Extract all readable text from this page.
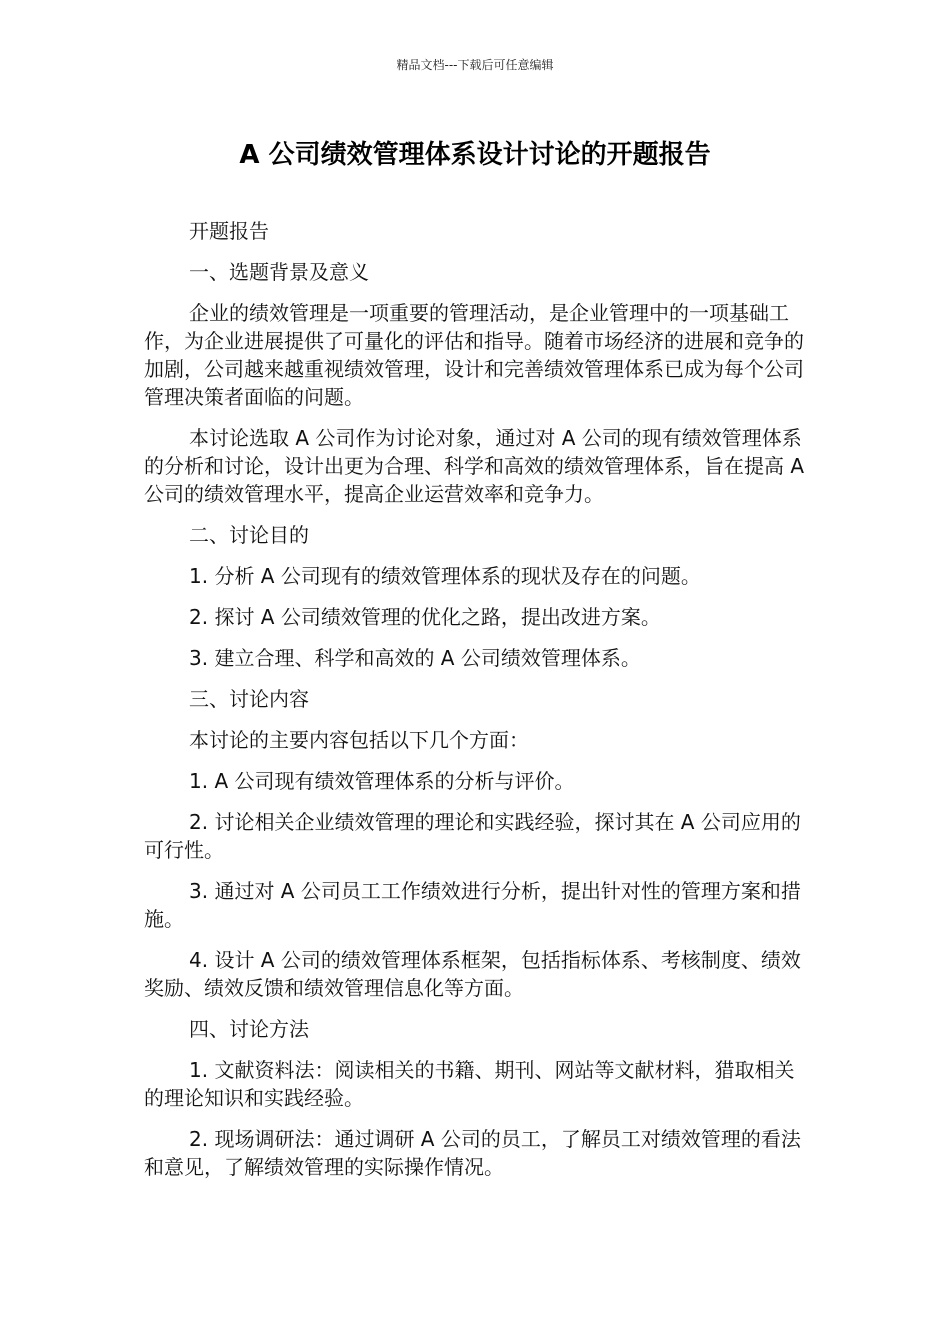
精品文档---下载后可任意编辑
A 公司绩效管理体系设计讨论的开题报告

开题报告

一、选题背景及意义

企业的绩效管理是一项重要的管理活动，是企业管理中的一项基础工作，为企业进展提供了可量化的评估和指导。随着市场经济的进展和竞争的加剧，公司越来越重视绩效管理，设计和完善绩效管理体系已成为每个公司管理决策者面临的问题。

本讨论选取 A 公司作为讨论对象，通过对 A 公司的现有绩效管理体系的分析和讨论，设计出更为合理、科学和高效的绩效管理体系，旨在提高 A 公司的绩效管理水平，提高企业运营效率和竞争力。

二、讨论目的

1. 分析 A 公司现有的绩效管理体系的现状及存在的问题。

2. 探讨 A 公司绩效管理的优化之路，提出改进方案。

3. 建立合理、科学和高效的 A 公司绩效管理体系。

三、讨论内容

本讨论的主要内容包括以下几个方面：

1. A 公司现有绩效管理体系的分析与评价。

2. 讨论相关企业绩效管理的理论和实践经验，探讨其在 A 公司应用的可行性。

3. 通过对 A 公司员工工作绩效进行分析，提出针对性的管理方案和措施。

4. 设计 A 公司的绩效管理体系框架，包括指标体系、考核制度、绩效奖励、绩效反馈和绩效管理信息化等方面。

四、讨论方法

1. 文献资料法：阅读相关的书籍、期刊、网站等文献材料，猎取相关的理论知识和实践经验。

2. 现场调研法：通过调研 A 公司的员工，了解员工对绩效管理的看法和意见，了解绩效管理的实际操作情况。
